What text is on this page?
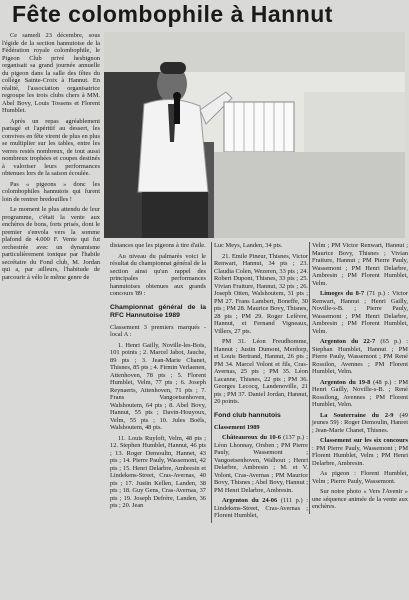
Fête colombophile à Hannut

Ce samedi 23 décembre, sous l'égide de la section hannutoise de la Fédération royale colombophile, le Pigeon Club privé hesbignon organisait sa grand journée annuelle du pigeon dans la salle des fêtes du collège Sainte-Croix à Hannut. En réalité, l'association organisatrice regroupe les trois clubs chers à MM. Abel Bovy, Louis Tossens et Florent Humblet.

Après un repas agréablement partagé et l'apéritif au dessert, les convives en fête virent de plus en plus se multiplier sur les tables, entre les verres restés nombreux, de tout aussi nombreux trophées et coupes destinés à valoriser leurs performances obtenues lors de la saison écoulée.

Pas « pigeons » donc les colombophiles hannutois qui furent loin de rentrer bredouilles !

Le moment le plus attendu de leur programme, c'était la vente aux enchères de bons, forts prisés, dont le premier s'envola vers la somme plafond de 4.000 F. Vente qui fut orchestrée avec un dynamisme particulièrement tonique par l'habile secrétaire du Fond club, M. Jordan qui a, par ailleurs, l'habitude de parcourir à vélo le même genre de

distances que les pigeons à tire d'aile.

Au niveau du palmarès voici le résultat du championnat général de la section ainsi qu'un rappel des principales performances hannutoises obtenues aux grands concours '89 :

Championnat général de la RFC Hannutoise 1989

Classement 3 premiers marqués - local A :

1. Henri Gailly, Noville-les-Bois, 101 points ; 2. Marcel Jabot, Jauche, 89 pts ; 3. Jean-Marie Chanet, Thisnes, 85 pts ; 4. Firmin Verlaenen, Attenhoven, 78 pts ; 5. Florent Humblet, Velm, 77 pts ; 6. Joseph Reynaerts, Attenhoven, 71 pts ; 7. Frans Vangoetsenhoven, Walshoutem, 64 pts ; 8. Abel Bovy, Hannut, 55 pts ; Davin-Houyoux, Velm, 55 pts ; 10. Jules Boëls, Walshoutem, 48 pts.

11. Louis Ruyloft, Velm, 48 pts ; 12. Stephen Humblet, Hannut, 46 pts ; 13. Roger Demoulin, Hannet, 43 pts ; 14. Pierre Pauly, Wassemont, 42 pts ; 15. Henri Delarbre, Ambresin et Lindekens-Street, Cras-Avernas, 40 pts ; 17. Justin Kellen, Landen, 38 pts ; 18. Guy Gens, Cras-Avernas, 37 pts ; 19. Joseph Defrère, Landen, 36 pts ; 20. Jean

Luc Meys, Landen, 34 pts.

21. Emile Pineur, Thisnes, Victor Renwart, Hannut, 34 pts ; 23. Claudia Colen, Wezeren, 33 pts ; 24. Robert Dupont, Thisnes, 33 pts ; 25. Vivian Fraiture, Hannut, 32 pts ; 26. Joseph Otten, Walshoutem, 31 pts ; PM 27. Frans Lambert, Boneffe, 30 pts ; PM 28. Maurice Bovy, Thisnes, 28 pts ; PM 29. Roger Lefèvre, Hannut, et Fernand Vigneaux, Villers, 27 pts.

PM 31. Léon Freudhomme, Hannut ; Justin Dumont, Merdorp, et Louis Bertrand, Hannut, 26 pts ; PM 34. Marcel Volont et fils, Cras-Avernas, 25 pts ; PM 35. Léon Lacanne, Thisnes, 22 pts ; PM 36. Georges Lecocq, Landenoville, 21 pts ; PM 37. Daniel Jordan, Hannut, 20 points.

Fond club hannutois

Classement 1989

Châteauroux du 10-6 (137 p.) : Léon Lhonnay, Orsben ; PM Pierre Pauly, Wassemont ; Vangoetsenhoven, Walhout ; Henri Delarbre, Ambresin ; M. et V. Volont, Cras-Avernas ; PM Maurice Bovy, Thisnes ; Abel Bovy, Hannut ; PM Henri Delarbre, Ambresin.

Argenton du 24-06 (111 p.) : Lindekens-Street, Cras-Avernas ; Florent Humblet,

Velm ; PM Victor Renwart, Hannut ; Maurice Bovy, Thisnes ; Vivian Fraiture, Hannut ; PM Pierre Pauly, Wassemont ; PM Henri Delarbre, Ambresin ; PM Florent Humblet, Velm.

Limoges du 8-7 (71 p.) : Victor Renwart, Hannut ; Henri Gailly, Noville-s-B. ; Pierre Pauly, Wassemont ; PM Henri Delarbre, Ambresin ; PM Florent Humblet, Velm.

Argenton du 22-7 (65 p.) : Stephan Humblet, Hannut ; PM Pierre Pauly, Wassemont ; PM René Rossilon, Avennes ; PM Florent Humblet, Velm.

Argenton du 19-8 (48 p.) : PM Henri Gailly, Noville-s-B. ; René Rossilong, Avennes ; PM Florent Humblet, Velm.

La Souterraine du 2-9 (49 jeunes 59) : Roger Demoulin, Hanret ; Jean-Marie Chanet, Thisnes.

Classement sur les six concours : PM Pierre Pauly, Wassemont ; PM Florent Humblet, Velm ; PM Henri Delarbre, Ambresin.

As pigeon : Florent Humblet, Velm ; Pierre Pauly, Wassemont.

Sur notre photo « Vers l'Avenir » une séquence animée de la vente aux enchères.
